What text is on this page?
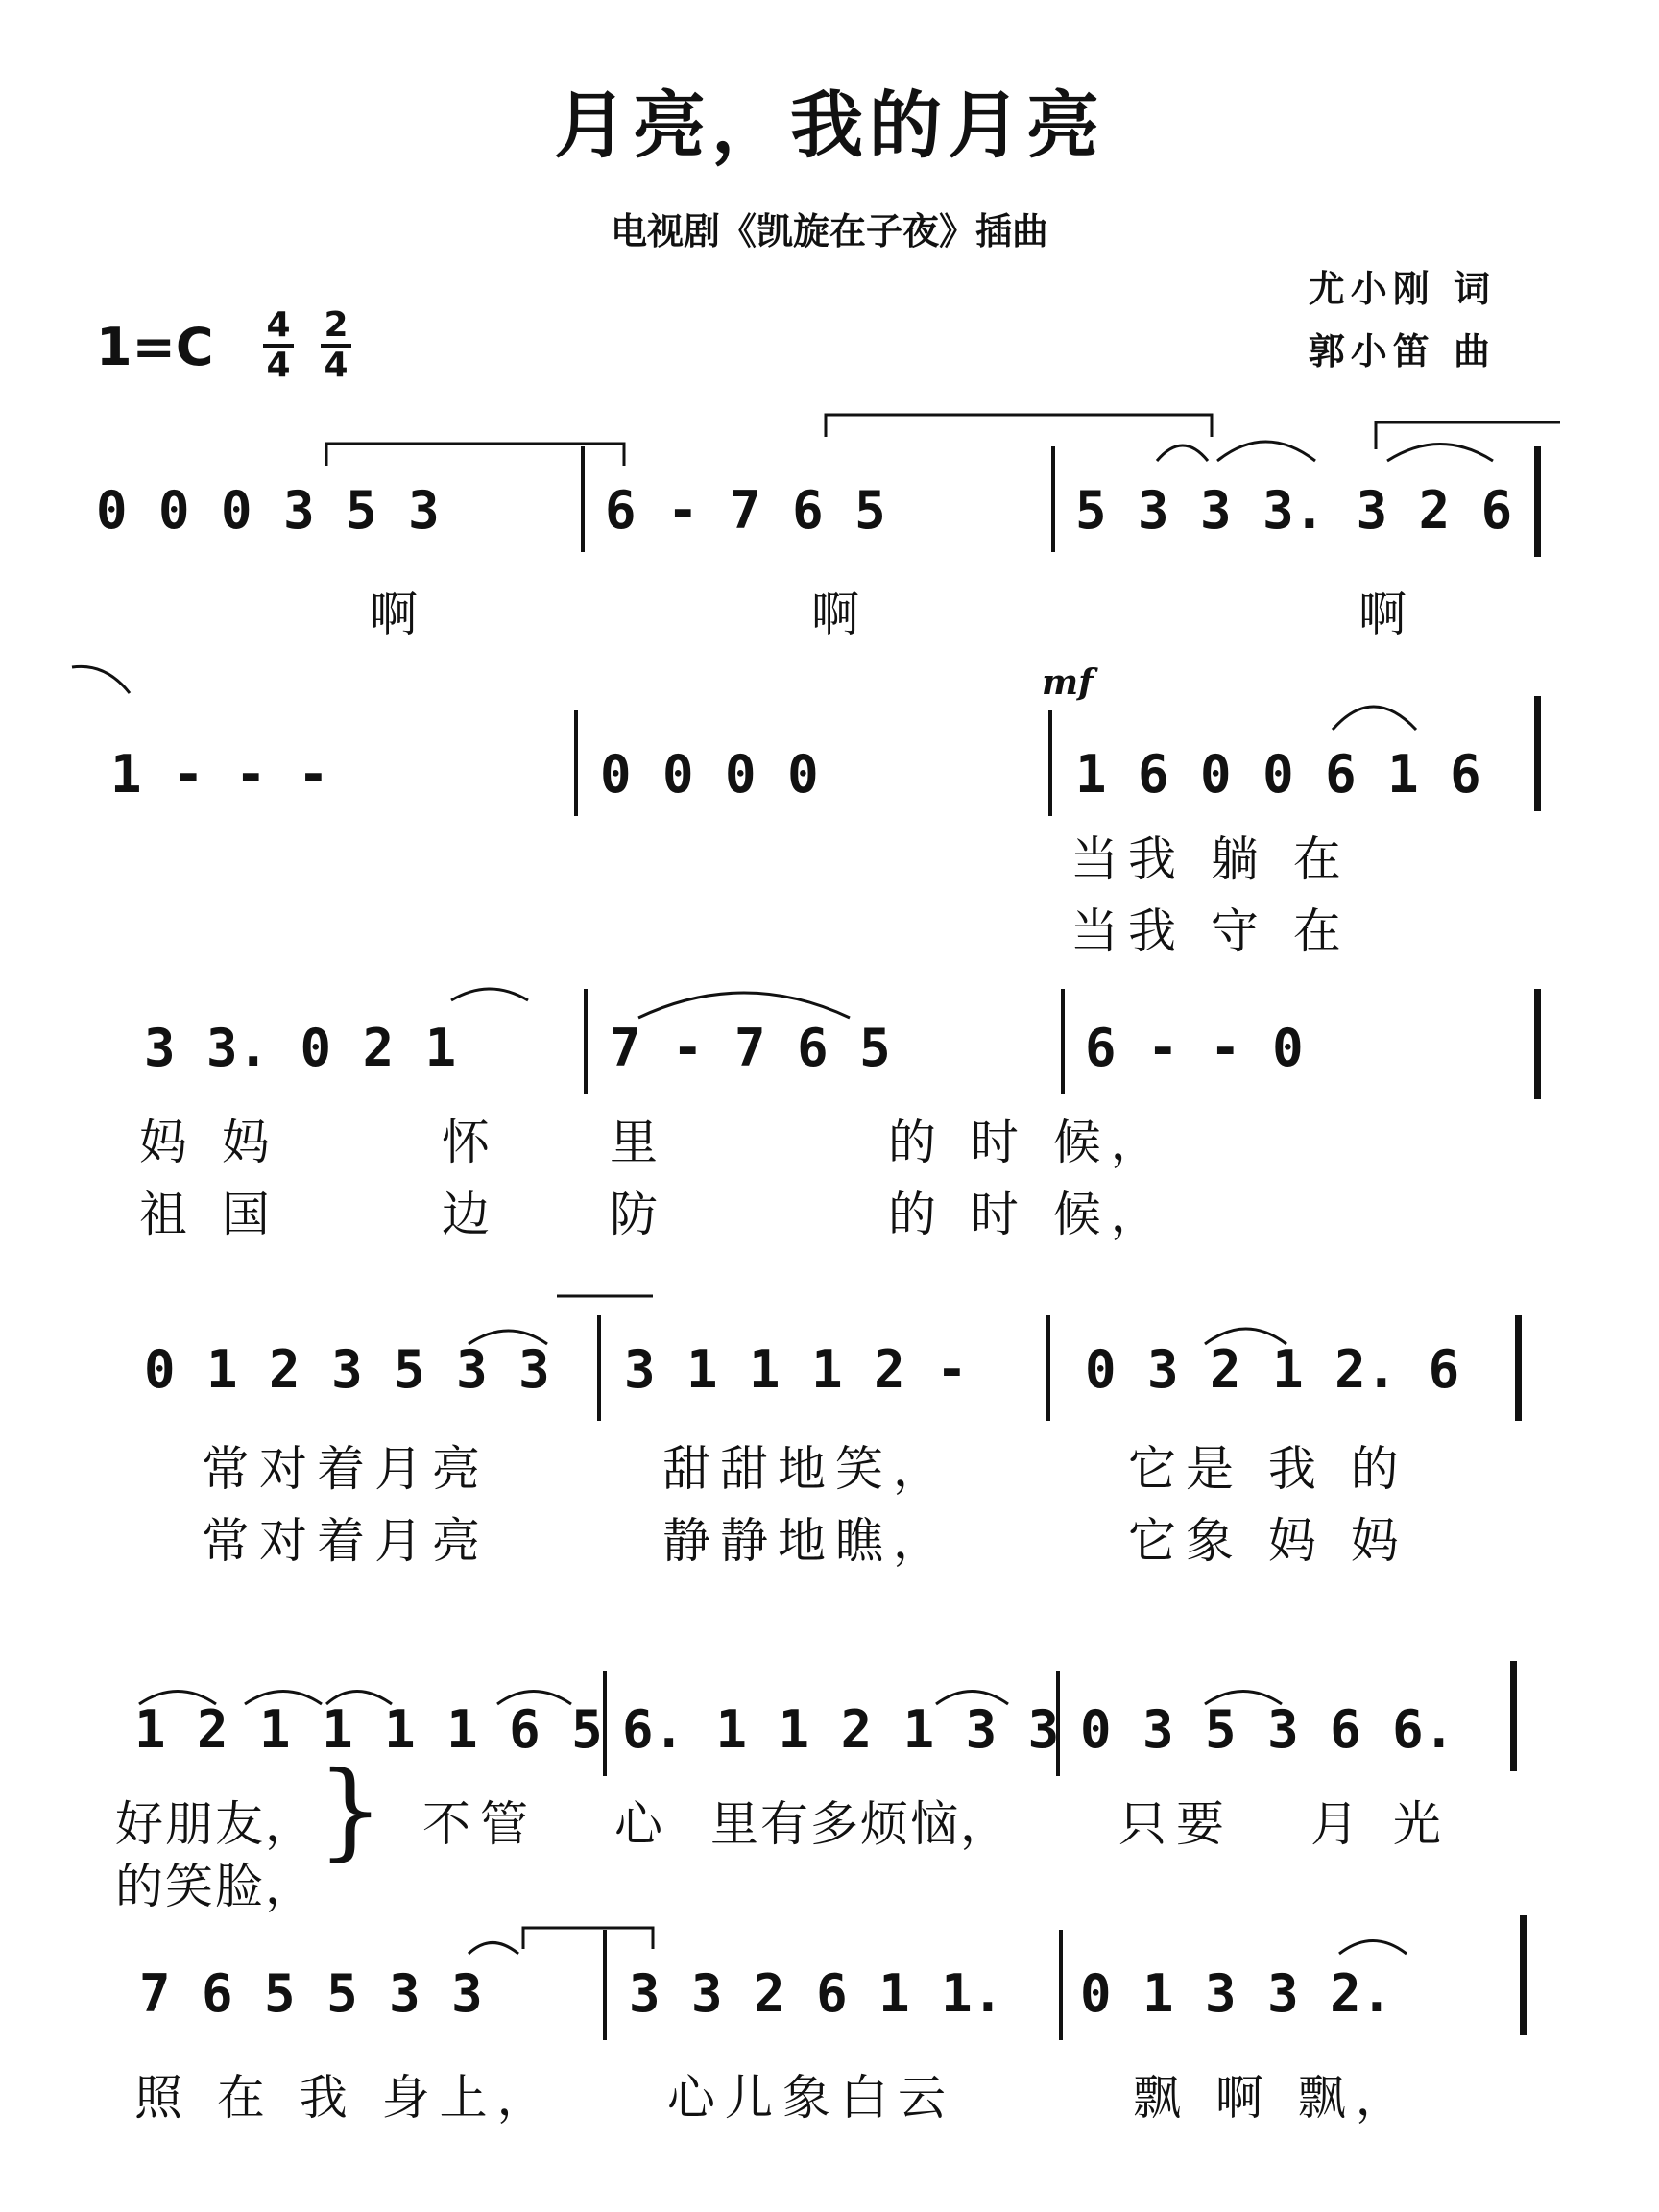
月亮，我的月亮
电视剧《凯旋在子夜》插曲
尤小刚 词
郭小笛 曲
1=C 4
4
2
4
0 0 0 3 5 3	6 - 7 6 5	5 3 3 3. 3 2 6
啊	啊	啊
mf
1 - - -	0 0 0 0	1 6 0 0 6 1 6
当我 躺 在
当我 守 在
3 3. 0 2 1	7 - 7 6 5	6 - - 0
妈 妈	怀 里	的 时 候，
祖 国	边 防	的 时 候，
0 1 2 3 5 3 3 3 1 1 1 2 - 0 3 2 1 2. 6
常对着月亮	甜甜地笑，	它是 我 的
常对着月亮	静静地瞧，	它象 妈 妈
1 2 1 1 1 1 6 5 6. 1 1 2 1 3 3 0 3 5 3 6 6.
好朋友， } 不管 心 里有多烦恼， 只要 月 光
的笑脸，
7 6 5 5 3 3	3 3 2 6 1 1. 0 1 3 3 2.
照 在 我 身上， 心儿象白云	飘 啊 飘，
